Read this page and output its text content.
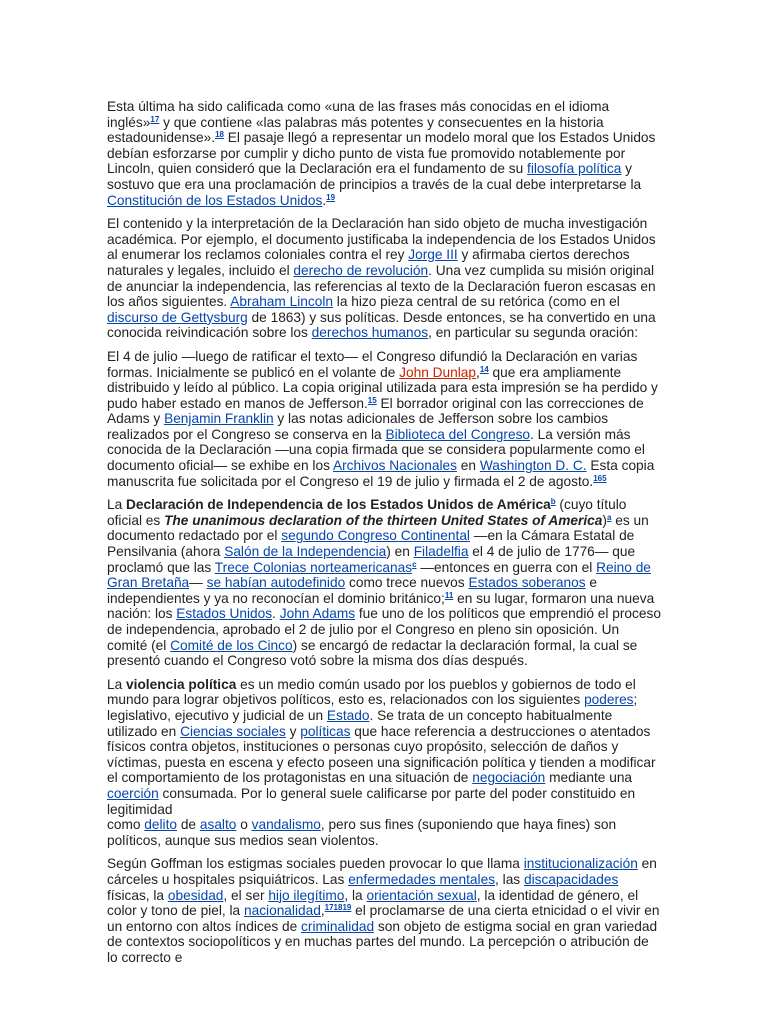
Esta última ha sido calificada como «una de las frases más conocidas en el idioma inglés»$^{17}$ y que contiene «las palabras más potentes y consecuentes en la historia estadounidense».$^{18}$ El pasaje llegó a representar un modelo moral que los Estados Unidos debían esforzarse por cumplir y dicho punto de vista fue promovido notablemente por Lincoln, quien consideró que la Declaración era el fundamento de su filosofía política y sostuvo que era una proclamación de principios a través de la cual debe interpretarse la Constitución de los Estados Unidos.$^{19}$

El contenido y la interpretación de la Declaración han sido objeto de mucha investigación académica. Por ejemplo, el documento justificaba la independencia de los Estados Unidos al enumerar los reclamos coloniales contra el rey Jorge III y afirmaba ciertos derechos naturales y legales, incluido el derecho de revolución. Una vez cumplida su misión original de anunciar la independencia, las referencias al texto de la Declaración fueron escasas en los años siguientes. Abraham Lincoln la hizo pieza central de su retórica (como en el discurso de Gettysburg de 1863) y sus políticas. Desde entonces, se ha convertido en una conocida reivindicación sobre los derechos humanos, en particular su segunda oración:

El 4 de julio —luego de ratificar el texto— el Congreso difundió la Declaración en varias formas. Inicialmente se publicó en el volante de John Dunlap,$^{14}$ que era ampliamente distribuido y leído al público. La copia original utilizada para esta impresión se ha perdido y pudo haber estado en manos de Jefferson.$^{15}$ El borrador original con las correcciones de Adams y Benjamin Franklin y las notas adicionales de Jefferson sobre los cambios realizados por el Congreso se conserva en la Biblioteca del Congreso. La versión más conocida de la Declaración —una copia firmada que se considera popularmente como el documento oficial— se exhibe en los Archivos Nacionales en Washington D. C. Esta copia manuscrita fue solicitada por el Congreso el 19 de julio y firmada el 2 de agosto.$^{165}$

La Declaración de Independencia de los Estados Unidos de América$^b$ (cuyo título oficial es The unanimous declaration of the thirteen United States of America)$^a$ es un documento redactado por el segundo Congreso Continental —en la Cámara Estatal de Pensilvania (ahora Salón de la Independencia) en Filadelfia el 4 de julio de 1776— que proclamó que las Trece Colonias norteamericanas$^c$ —entonces en guerra con el Reino de Gran Bretaña— se habían autodefinido como trece nuevos Estados soberanos e independientes y ya no reconocían el dominio británico;$^{11}$ en su lugar, formaron una nueva nación: los Estados Unidos. John Adams fue uno de los políticos que emprendió el proceso de independencia, aprobado el 2 de julio por el Congreso en pleno sin oposición. Un comité (el Comité de los Cinco) se encargó de redactar la declaración formal, la cual se presentó cuando el Congreso votó sobre la misma dos días después.

La violencia política es un medio común usado por los pueblos y gobiernos de todo el mundo para lograr objetivos políticos, esto es, relacionados con los siguientes poderes; legislativo, ejecutivo y judicial de un Estado. Se trata de un concepto habitualmente utilizado en Ciencias sociales y políticas que hace referencia a destrucciones o atentados físicos contra objetos, instituciones o personas cuyo propósito, selección de daños y víctimas, puesta en escena y efecto poseen una significación política y tienden a modificar el comportamiento de los protagonistas en una situación de negociación mediante una coerción consumada. Por lo general suele calificarse por parte del poder constituido en legitimidad
como delito de asalto o vandalismo, pero sus fines (suponiendo que haya fines) son políticos, aunque sus medios sean violentos.

Según Goffman los estigmas sociales pueden provocar lo que llama institucionalización en cárceles u hospitales psiquiátricos. Las enfermedades mentales, las discapacidades físicas, la obesidad, el ser hijo ilegítimo, la orientación sexual, la identidad de género, el color y tono de piel, la nacionalidad,$^{171819}$ el proclamarse de una cierta etnicidad o el vivir en un entorno con altos índices de criminalidad son objeto de estigma social en gran variedad de contextos sociopolíticos y en muchas partes del mundo. La percepción o atribución de lo correcto e
